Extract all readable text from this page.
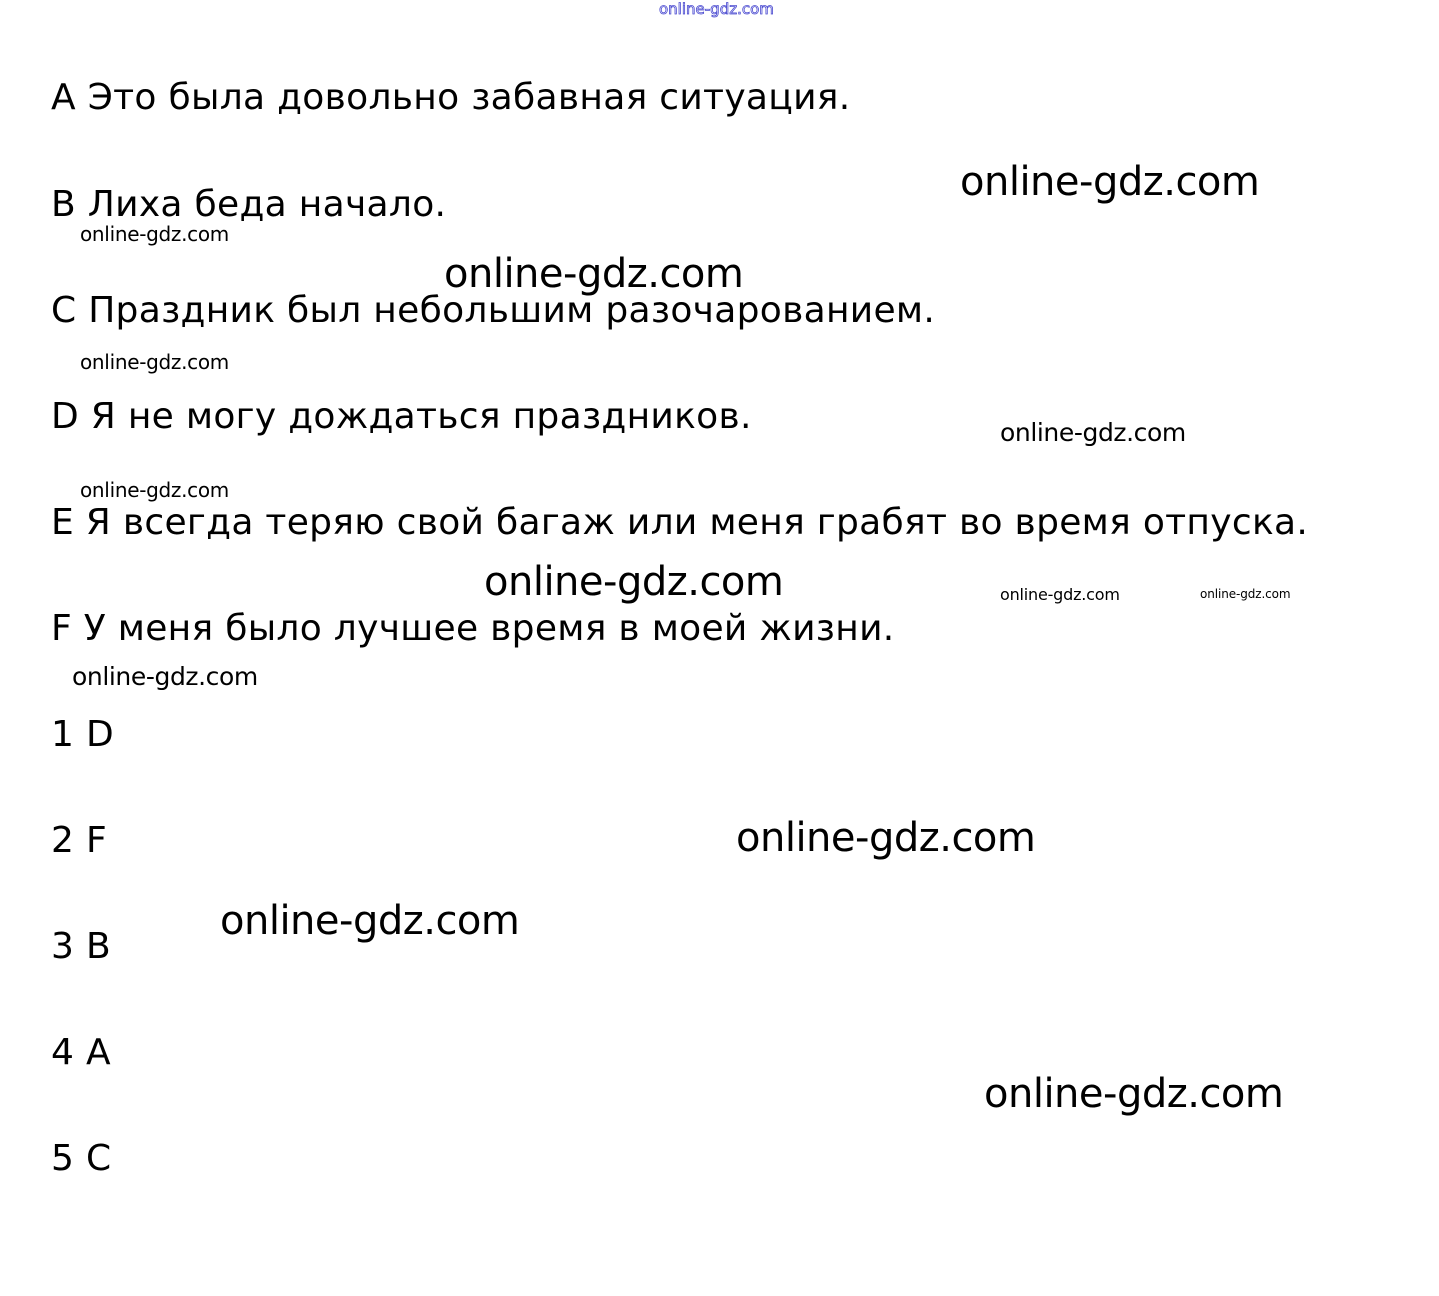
online-gdz.com
A Это была довольно забавная ситуация.
B Лиха беда начало.
C Праздник был небольшим разочарованием.
D Я не могу дождаться праздников.
E Я всегда теряю свой багаж или меня грабят во время отпуска.
F У меня было лучшее время в моей жизни.
1 D
2 F
3 B
4 A
5 C
online-gdz.com
online-gdz.com
online-gdz.com
online-gdz.com
online-gdz.com
online-gdz.com
online-gdz.com	online-gdz.com	online-gdz.com
online-gdz.com
online-gdz.com
online-gdz.com
online-gdz.com
